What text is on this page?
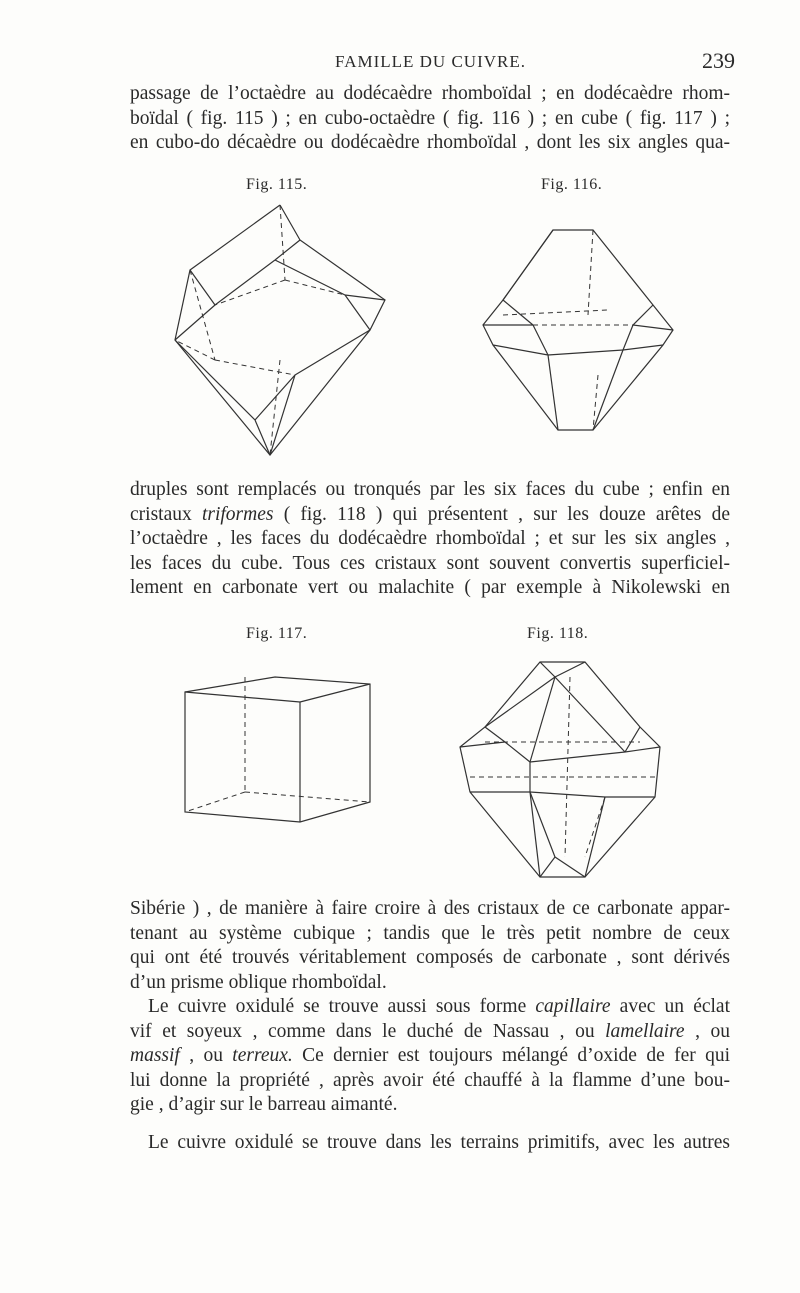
FAMILLE DU CUIVRE.	239
passage de l’octaèdre au dodécaèdre rhomboïdal ; en dodécaèdre rhom-
boïdal ( fig. 115 ) ; en cubo-octaèdre ( fig. 116 ) ; en cube ( fig. 117 ) ;
en cubo-do décaèdre ou dodécaèdre rhomboïdal , dont les six angles qua-
Fig. 115.	Fig. 116.
druples sont remplacés ou tronqués par les six faces du cube ; enfin en
cristaux triformes ( fig. 118 ) qui présentent , sur les douze arêtes de
l’octaèdre , les faces du dodécaèdre rhomboïdal ; et sur les six angles ,
les faces du cube. Tous ces cristaux sont souvent convertis superficiel-
lement en carbonate vert ou malachite ( par exemple à Nikolewski en
Fig. 117.	Fig. 118.
Sibérie ) , de manière à faire croire à des cristaux de ce carbonate appar-
tenant au système cubique ; tandis que le très petit nombre de ceux
qui ont été trouvés véritablement composés de carbonate , sont dérivés
d’un prisme oblique rhomboïdal.
Le cuivre oxidulé se trouve aussi sous forme capillaire avec un éclat
vif et soyeux , comme dans le duché de Nassau , ou lamellaire , ou
massif , ou terreux. Ce dernier est toujours mélangé d’oxide de fer qui
lui donne la propriété , après avoir été chauffé à la flamme d’une bou-
gie , d’agir sur le barreau aimanté.
Le cuivre oxidulé se trouve dans les terrains primitifs, avec les autres
